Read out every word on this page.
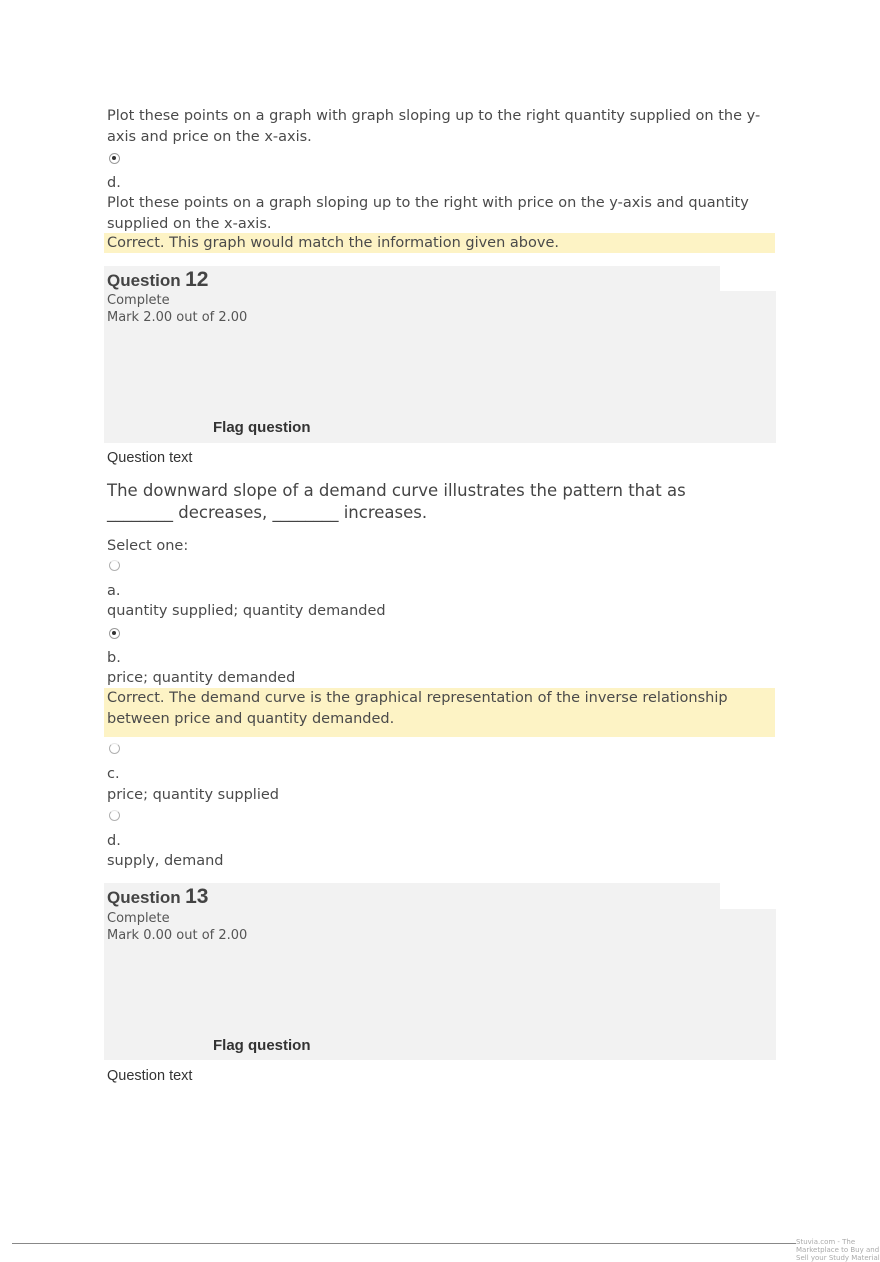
Plot these points on a graph with graph sloping up to the right quantity supplied on the y-axis and price on the x-axis.
d.
Plot these points on a graph sloping up to the right with price on the y-axis and quantity supplied on the x-axis.
Correct. This graph would match the information given above.
Question 12
Complete
Mark 2.00 out of 2.00
Flag question
Question text
The downward slope of a demand curve illustrates the pattern that as ________ decreases, ________ increases.
Select one:
a.
quantity supplied; quantity demanded
b.
price; quantity demanded
Correct. The demand curve is the graphical representation of the inverse relationship between price and quantity demanded.
c.
price; quantity supplied
d.
supply, demand
Question 13
Complete
Mark 0.00 out of 2.00
Flag question
Question text
Stuvia.com - The Marketplace to Buy and Sell your Study Material
